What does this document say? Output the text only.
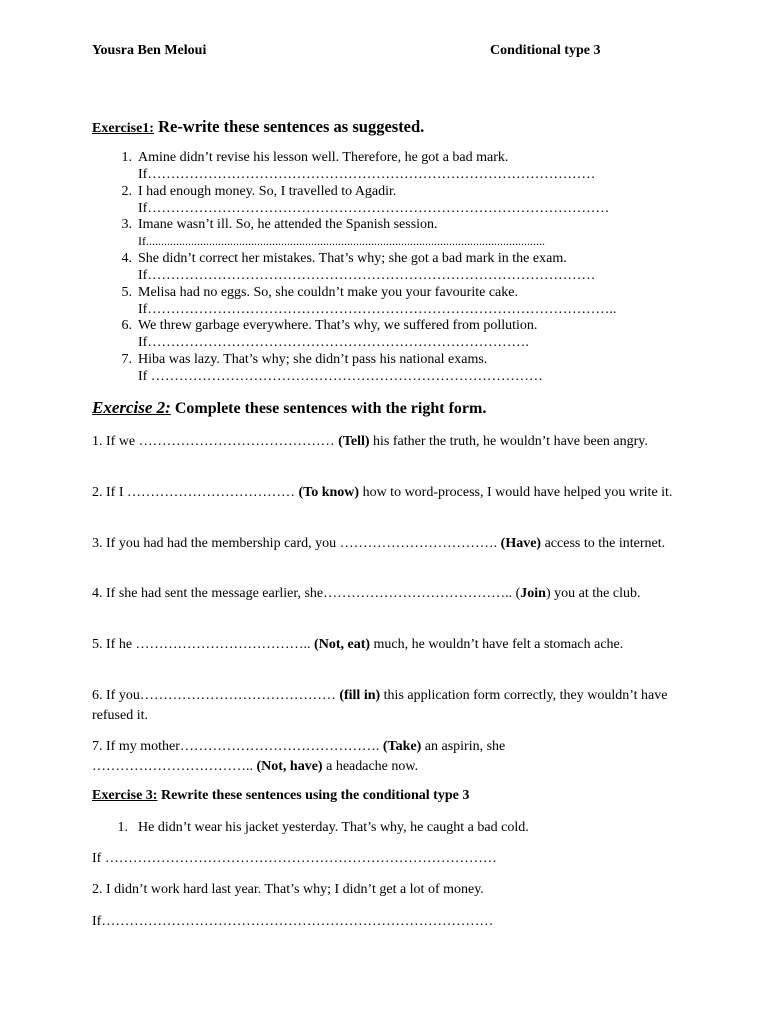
Yousra Ben Meloui	Conditional type 3
Exercise1: Re-write these sentences as suggested.
1. Amine didn’t revise his lesson well. Therefore, he got a bad mark.
If……………………………………………………………………………………
2. I had enough money. So, I travelled to Agadir.
If………………………………………………………………………………………
3. Imane wasn’t ill. So, he attended the Spanish session.
If.....................................................................................................................................
4. She didn’t correct her mistakes. That’s why; she got a bad mark in the exam.
If……………………………………………………………………………………
5. Melisa had no eggs. So, she couldn’t make you your favourite cake.
If………………………………………………………………………………………..
6. We threw garbage everywhere. That’s why, we suffered from pollution.
If……………………………………………………………………….
7. Hiba was lazy. That’s why; she didn’t pass his national exams.
If …………………………………………………………………………
Exercise 2: Complete these sentences with the right form.
1. If we …………………………………… (Tell) his father the truth, he wouldn’t have been angry.
2. If I ……………………………… (To know) how to word-process, I would have helped you write it.
3. If you had had the membership card, you ……………………………. (Have) access to the internet.
4. If she had sent the message earlier, she………………………………….. (Join) you at the club.
5. If he ……………………………….. (Not, eat) much, he wouldn’t have felt a stomach ache.
6. If you…………………………………… (fill in) this application form correctly, they wouldn’t have refused it.
7. If my mother……………………………………. (Take) an aspirin, she
…………………………….. (Not, have) a headache now.
Exercise 3: Rewrite these sentences using the conditional type 3
1. He didn’t wear his jacket yesterday. That’s why, he caught a bad cold.
If …………………………………………………………………………
2. I didn’t work hard last year. That’s why; I didn’t get a lot of money.
If…………………………………………………………………………
